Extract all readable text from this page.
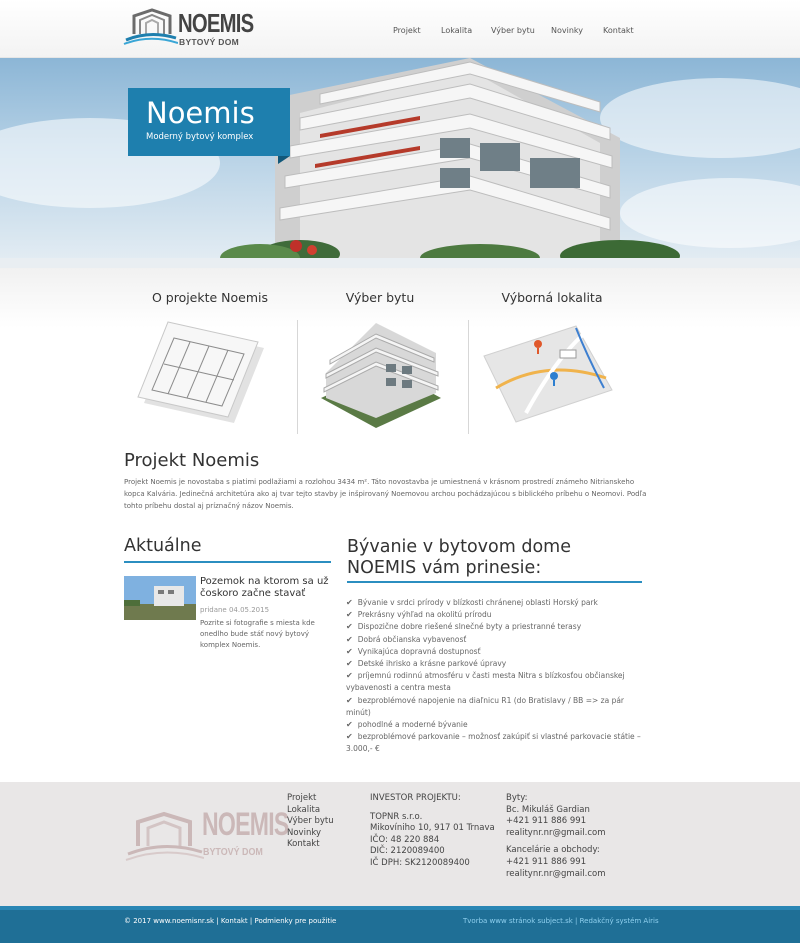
NOEMIS
BYTOVÝ DOM
Projekt	Lokalita Výber bytu Novinky	Kontakt
Noemis
Moderný bytový komplex
O projekte Noemis	Výber bytu	Výborná lokalita
Projekt Noemis
Projekt Noemis je novostaba s piatimi podlažiami a rozlohou 3434 m². Táto novostavba je umiestnená v krásnom prostredí známeho Nitrianskeho kopca Kalvária. Jedinečná architetúra ako aj tvar tejto stavby je inšpirovaný Noemovou archou pochádzajúcou s biblického príbehu o Neomovi. Podľa tohto príbehu dostal aj príznačný názov Noemis.
Aktuálne
Pozemok na ktorom sa už čoskoro začne stavať
pridane 04.05.2015
Pozrite si fotografie s miesta kde onedlho bude stáť nový bytový komplex Noemis.
Bývanie v bytovom dome
NOEMIS vám prinesie:
✔ Bývanie v srdci prírody v blízkosti chránenej oblasti Horský park
✔ Prekrásny výhľad na okolitú prírodu
✔ Dispozične dobre riešené slnečné byty a priestranné terasy
✔ Dobrá občianska vybavenosť
✔ Vynikajúca dopravná dostupnosť
✔ Detské ihrisko a krásne parkové úpravy
✔ príjemnú rodinnú atmosféru v časti mesta Nitra s blízkosťou občianskej vybavenosti a centra mesta
✔ bezproblémové napojenie na diaľnicu R1 (do Bratislavy / BB => za pár minút)
✔ pohodlné a moderné bývanie
✔ bezproblémové parkovanie – možnosť zakúpiť si vlastné parkovacie státie – 3.000,- €
NOEMIS
BYTOVÝ DOM
Projekt
Lokalita
Výber bytu
Novinky
Kontakt
INVESTOR PROJEKTU:
TOPNR s.r.o.
Mikovíniho 10, 917 01 Trnava
IČO: 48 220 884
DIČ: 2120089400
IČ DPH: SK2120089400
Byty:
Bc. Mikuláš Gardian
+421 911 886 991
realitynr.nr@gmail.com
Kancelárie a obchody:
+421 911 886 991
realitynr.nr@gmail.com
© 2017 www.noemisnr.sk | Kontakt | Podmienky pre použitie	Tvorba www stránok subject.sk | Redakčný systém Airis
